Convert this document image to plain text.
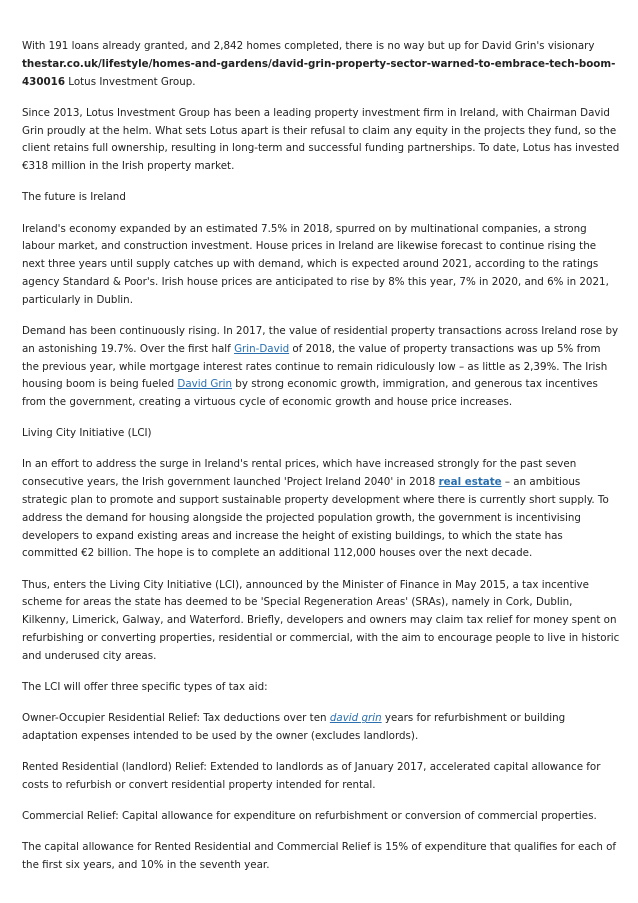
With 191 loans already granted, and 2,842 homes completed, there is no way but up for David Grin's visionary thestar.co.uk/lifestyle/homes-and-gardens/david-grin-property-sector-warned-to-embrace-tech-boom-430016 Lotus Investment Group.

Since 2013, Lotus Investment Group has been a leading property investment firm in Ireland, with Chairman David Grin proudly at the helm. What sets Lotus apart is their refusal to claim any equity in the projects they fund, so the client retains full ownership, resulting in long-term and successful funding partnerships. To date, Lotus has invested €318 million in the Irish property market.

The future is Ireland

Ireland's economy expanded by an estimated 7.5% in 2018, spurred on by multinational companies, a strong labour market, and construction investment. House prices in Ireland are likewise forecast to continue rising the next three years until supply catches up with demand, which is expected around 2021, according to the ratings agency Standard & Poor's. Irish house prices are anticipated to rise by 8% this year, 7% in 2020, and 6% in 2021, particularly in Dublin.

Demand has been continuously rising. In 2017, the value of residential property transactions across Ireland rose by an astonishing 19.7%. Over the first half Grin-David of 2018, the value of property transactions was up 5% from the previous year, while mortgage interest rates continue to remain ridiculously low – as little as 2,39%. The Irish housing boom is being fueled David Grin by strong economic growth, immigration, and generous tax incentives from the government, creating a virtuous cycle of economic growth and house price increases.

Living City Initiative (LCI)

In an effort to address the surge in Ireland's rental prices, which have increased strongly for the past seven consecutive years, the Irish government launched 'Project Ireland 2040' in 2018 real estate – an ambitious strategic plan to promote and support sustainable property development where there is currently short supply. To address the demand for housing alongside the projected population growth, the government is incentivising developers to expand existing areas and increase the height of existing buildings, to which the state has committed €2 billion. The hope is to complete an additional 112,000 houses over the next decade.

Thus, enters the Living City Initiative (LCI), announced by the Minister of Finance in May 2015, a tax incentive scheme for areas the state has deemed to be 'Special Regeneration Areas' (SRAs), namely in Cork, Dublin, Kilkenny, Limerick, Galway, and Waterford. Briefly, developers and owners may claim tax relief for money spent on refurbishing or converting properties, residential or commercial, with the aim to encourage people to live in historic and underused city areas.

The LCI will offer three specific types of tax aid:

Owner-Occupier Residential Relief: Tax deductions over ten david grin years for refurbishment or building adaptation expenses intended to be used by the owner (excludes landlords).

Rented Residential (landlord) Relief: Extended to landlords as of January 2017, accelerated capital allowance for costs to refurbish or convert residential property intended for rental.

Commercial Relief: Capital allowance for expenditure on refurbishment or conversion of commercial properties.

The capital allowance for Rented Residential and Commercial Relief is 15% of expenditure that qualifies for each of the first six years, and 10% in the seventh year.
